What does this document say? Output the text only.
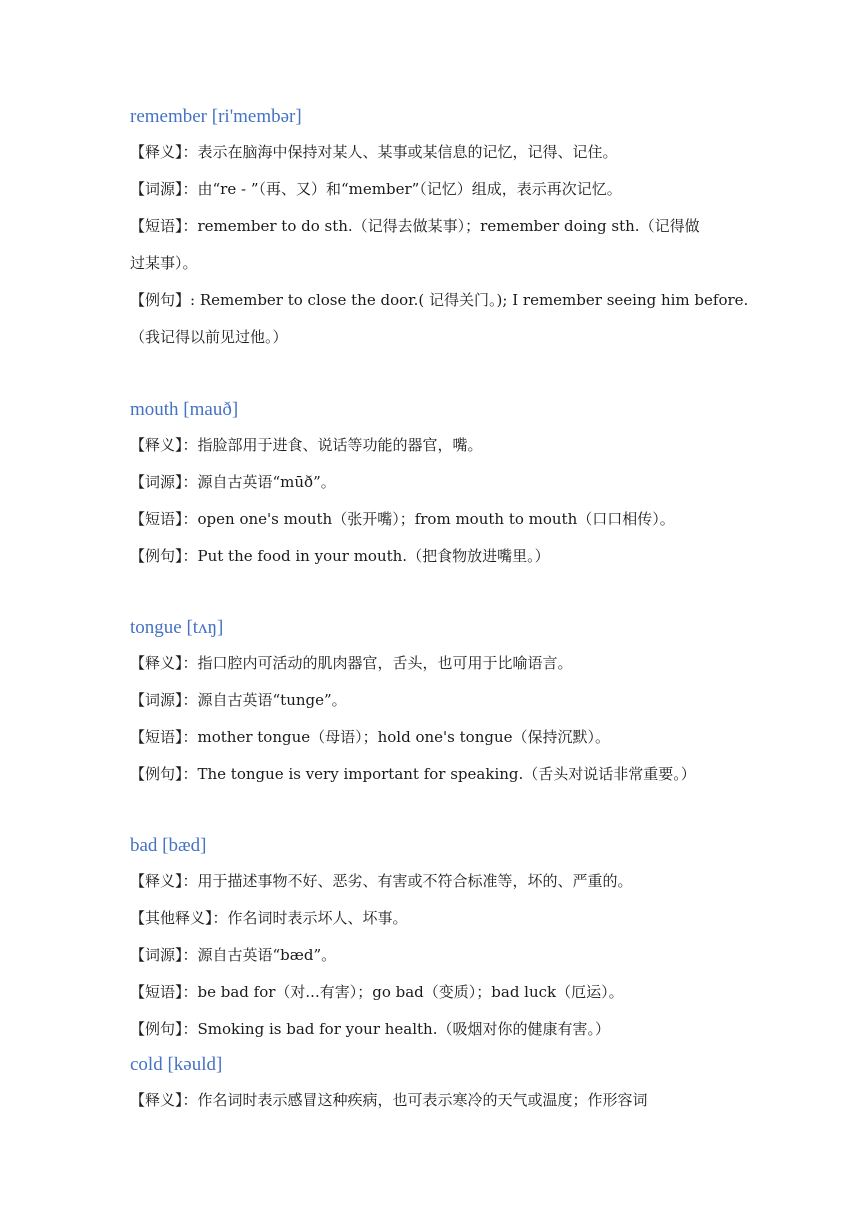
remember [ri'membər]
【释义】：表示在脑海中保持对某人、某事或某信息的记忆，记得、记住。
【词源】：由“re - ”（再、又）和“member”（记忆）组成，表示再次记忆。
【短语】：remember to do sth.（记得去做某事）；remember doing sth.（记得做
过某事）。
【例句】: Remember to close the door.( 记得关门。); I remember seeing him before.
（我记得以前见过他。）
mouth [mauð]
【释义】：指脸部用于进食、说话等功能的器官，嘴。
【词源】：源自古英语“mūð”。
【短语】：open one's mouth（张开嘴）；from mouth to mouth（口口相传）。
【例句】：Put the food in your mouth.（把食物放进嘴里。）
tongue [tʌŋ]
【释义】：指口腔内可活动的肌肉器官，舌头，也可用于比喻语言。
【词源】：源自古英语“tunge”。
【短语】：mother tongue（母语）；hold one's tongue（保持沉默）。
【例句】：The tongue is very important for speaking.（舌头对说话非常重要。）
bad [bæd]
【释义】：用于描述事物不好、恶劣、有害或不符合标准等，坏的、严重的。
【其他释义】：作名词时表示坏人、坏事。
【词源】：源自古英语“bæd”。
【短语】：be bad for（对...有害）；go bad（变质）；bad luck（厄运）。
【例句】：Smoking is bad for your health.（吸烟对你的健康有害。）
cold [kəuld]
【释义】：作名词时表示感冒这种疾病，也可表示寒冷的天气或温度；作形容词
